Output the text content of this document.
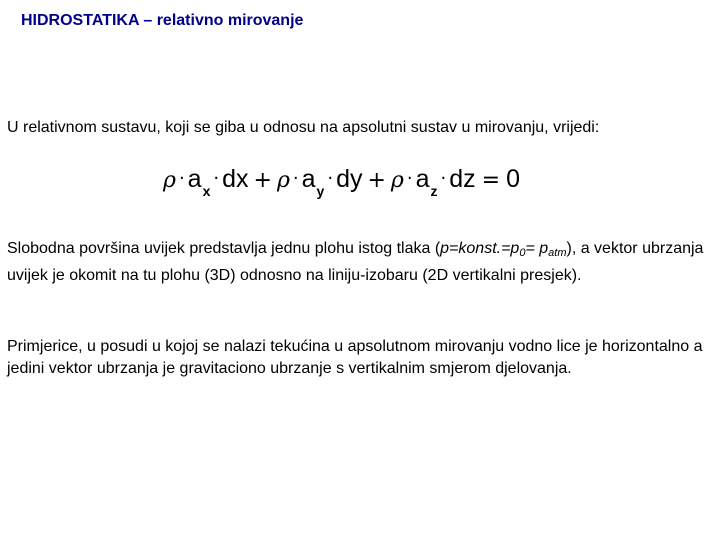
HIDROSTATIKA – relativno mirovanje

U relativnom sustavu, koji se giba u odnosu na apsolutni sustav u mirovanju, vrijedi:

$\rho \cdot a_x\cdot$ dx + $\rho \cdot a_y\cdot$ dy + $\rho \cdot a_z\cdot$ dz = 0

Slobodna površina uvijek predstavlja jednu plohu istog tlaka $(p=konst.=p_0= p_{atm})$, a vektor ubrzanja uvijek je okomit na tu plohu (3D) odnosno na liniju-izobaru (2D vertikalni presjek).

Primjerice, u posudi u kojoj se nalazi tekućina u apsolutnom mirovanju vodno lice je horizontalno a jedini vektor ubrzanja je gravitaciono ubrzanje s vertikalnim smjerom djelovanja.
